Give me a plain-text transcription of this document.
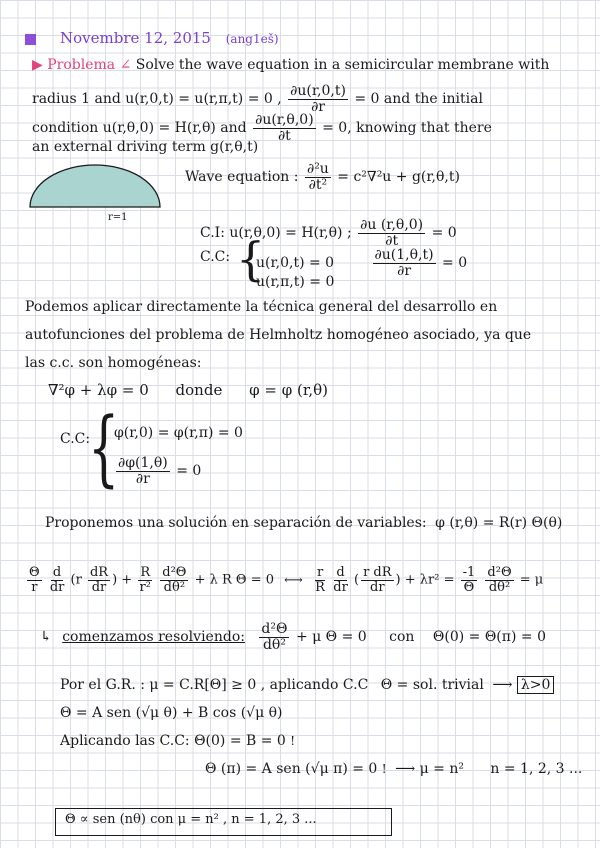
Novembre 12, 2015 (ang1eš)
▶ Problema ∠ Solve the wave equation in a semicircular membrane with
radius 1 and u(r,0,t) = u(r,π,t) = 0 , $\frac{\partial u(r,0,t)}{\partial r} = 0$ and the initial
condition u(r,θ,0) = H(r,θ) and $\frac{\partial u(r,\theta,0)}{\partial t} = 0$, knowing that there
an external driving term g(r,θ,t)
r=1
Wave equation : $\frac{\text{∂²u}}{\text{∂t²}} = c^2\nabla^2u + g(r,\theta,t)$
C.I: u(r,θ,0) = H(r,θ) ; $\frac{\partial u (r,\theta,0)}{\partial t} = 0$
C.C: {
u(r,0,t) = 0	$\frac{\partial u(1,\theta,t)}{\partial r} = 0$
u(r,π,t) = 0
Podemos aplicar directamente la técnica general del desarrollo en
autofunciones del problema de Helmholtz homogéneo asociado, ya que
las c.c. son homogéneas:
∇²φ + λφ = 0 donde φ = φ (r,θ)
C.C:
{
φ(r,0) = φ(r,π) = 0
$\frac{\partial\varphi(1,\theta)}{\partial r} = 0$
Proponemos una solución en separación de variables: φ (r,θ) = R(r) Θ(θ)
$\frac{\Theta}{r}$
$\frac{d}{dr} (r \frac{dR}{dr}$ ) + $\frac{R}{\text{r²}}$
$\frac{\text{d²Θ}}{\text{dθ²}} + \lambda$ R Θ = 0 ⟷ $\frac{r}{R}$
$\frac{d}{dr}$ ( $\frac{\text{r dR}}{dr}$ ) + $\lambda r^2 = \frac{-1}{\Theta}$
$\frac{\text{d²Θ}}{\text{dθ²}} = \mu$
↳ comenzamos resolviendo: $\frac{\text{d²Θ}}{\text{dθ²}} + \mu$ Θ = 0 con Θ(0) = Θ(π) = 0
Por el G.R. : μ = C.R[Θ] ≥ 0 , aplicando C.C Θ = sol. trivial ⟶ λ>0
Θ = A sen (√μ θ) + B cos (√μ θ)
Aplicando las C.C: Θ(0) = B = 0 !
Θ (π) = A sen (√μ π) = 0 ! ⟶ μ = n² n = 1, 2, 3 ...
Θ ∝ sen (nθ) con μ = n² , n = 1, 2, 3 ...
